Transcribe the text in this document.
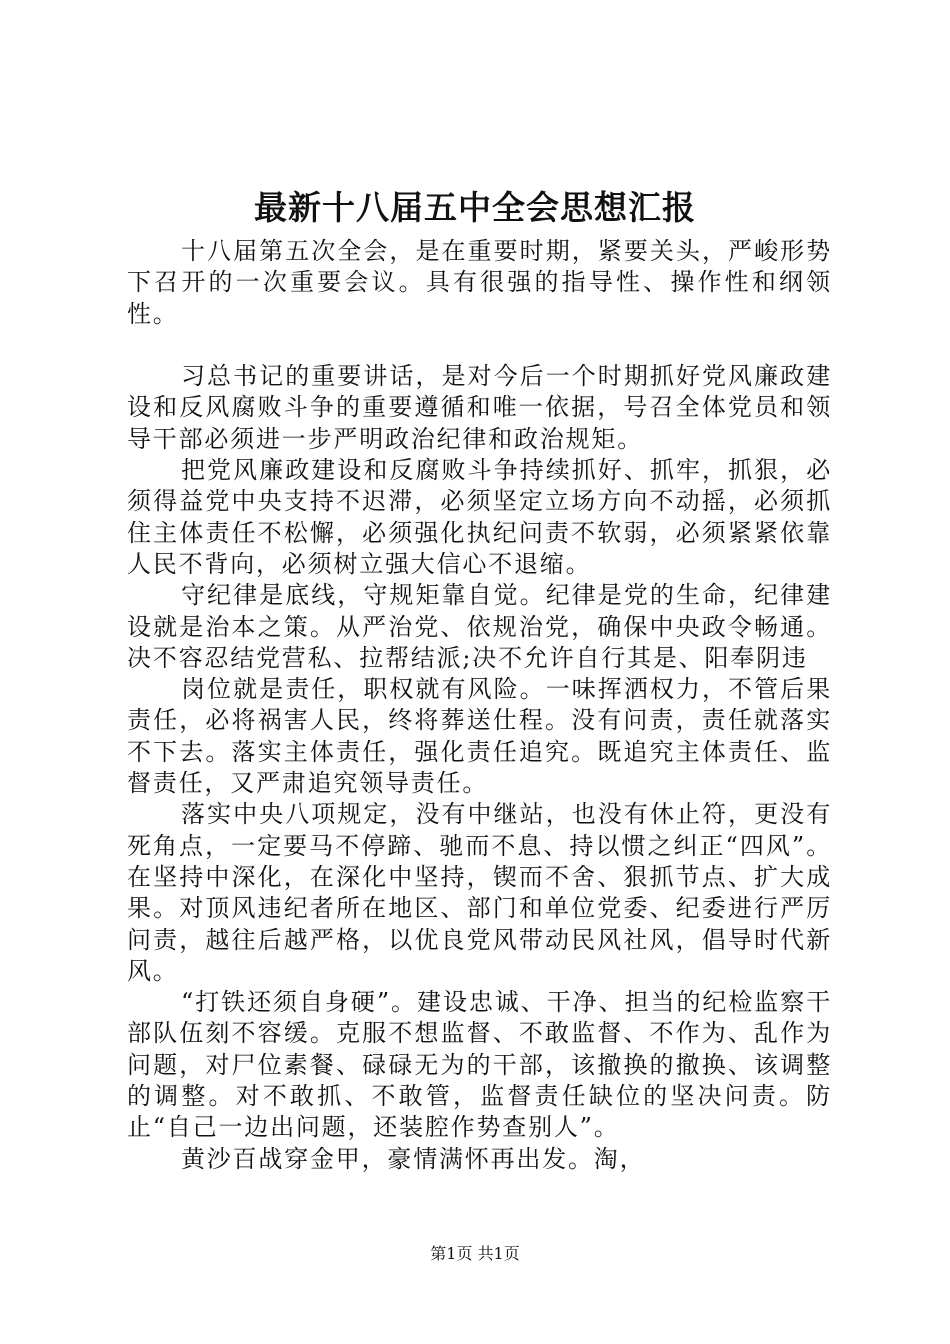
最新十八届五中全会思想汇报

十八届第五次全会，是在重要时期，紧要关头，严峻形势下召开的一次重要会议。具有很强的指导性、操作性和纲领性。

习总书记的重要讲话，是对今后一个时期抓好党风廉政建设和反风腐败斗争的重要遵循和唯一依据，号召全体党员和领导干部必须进一步严明政治纪律和政治规矩。

把党风廉政建设和反腐败斗争持续抓好、抓牢，抓狠，必须得益党中央支持不迟滞，必须坚定立场方向不动摇，必须抓住主体责任不松懈，必须强化执纪问责不软弱，必须紧紧依靠人民不背向，必须树立强大信心不退缩。

守纪律是底线，守规矩靠自觉。纪律是党的生命，纪律建设就是治本之策。从严治党、依规治党，确保中央政令畅通。决不容忍结党营私、拉帮结派;决不允许自行其是、阳奉阴违

岗位就是责任，职权就有风险。一味挥洒权力，不管后果责任，必将祸害人民，终将葬送仕程。没有问责，责任就落实不下去。落实主体责任，强化责任追究。既追究主体责任、监督责任，又严肃追究领导责任。

落实中央八项规定，没有中继站，也没有休止符，更没有死角点，一定要马不停蹄、驰而不息、持以惯之纠正“四风”。在坚持中深化，在深化中坚持，锲而不舍、狠抓节点、扩大成果。对顶风违纪者所在地区、部门和单位党委、纪委进行严厉问责，越往后越严格，以优良党风带动民风社风，倡导时代新风。

“打铁还须自身硬”。建设忠诚、干净、担当的纪检监察干部队伍刻不容缓。克服不想监督、不敢监督、不作为、乱作为问题，对尸位素餐、碌碌无为的干部，该撤换的撤换、该调整的调整。对不敢抓、不敢管，监督责任缺位的坚决问责。防止“自己一边出问题，还装腔作势查别人”。

黄沙百战穿金甲，豪情满怀再出发。淘，

第1页 共1页
